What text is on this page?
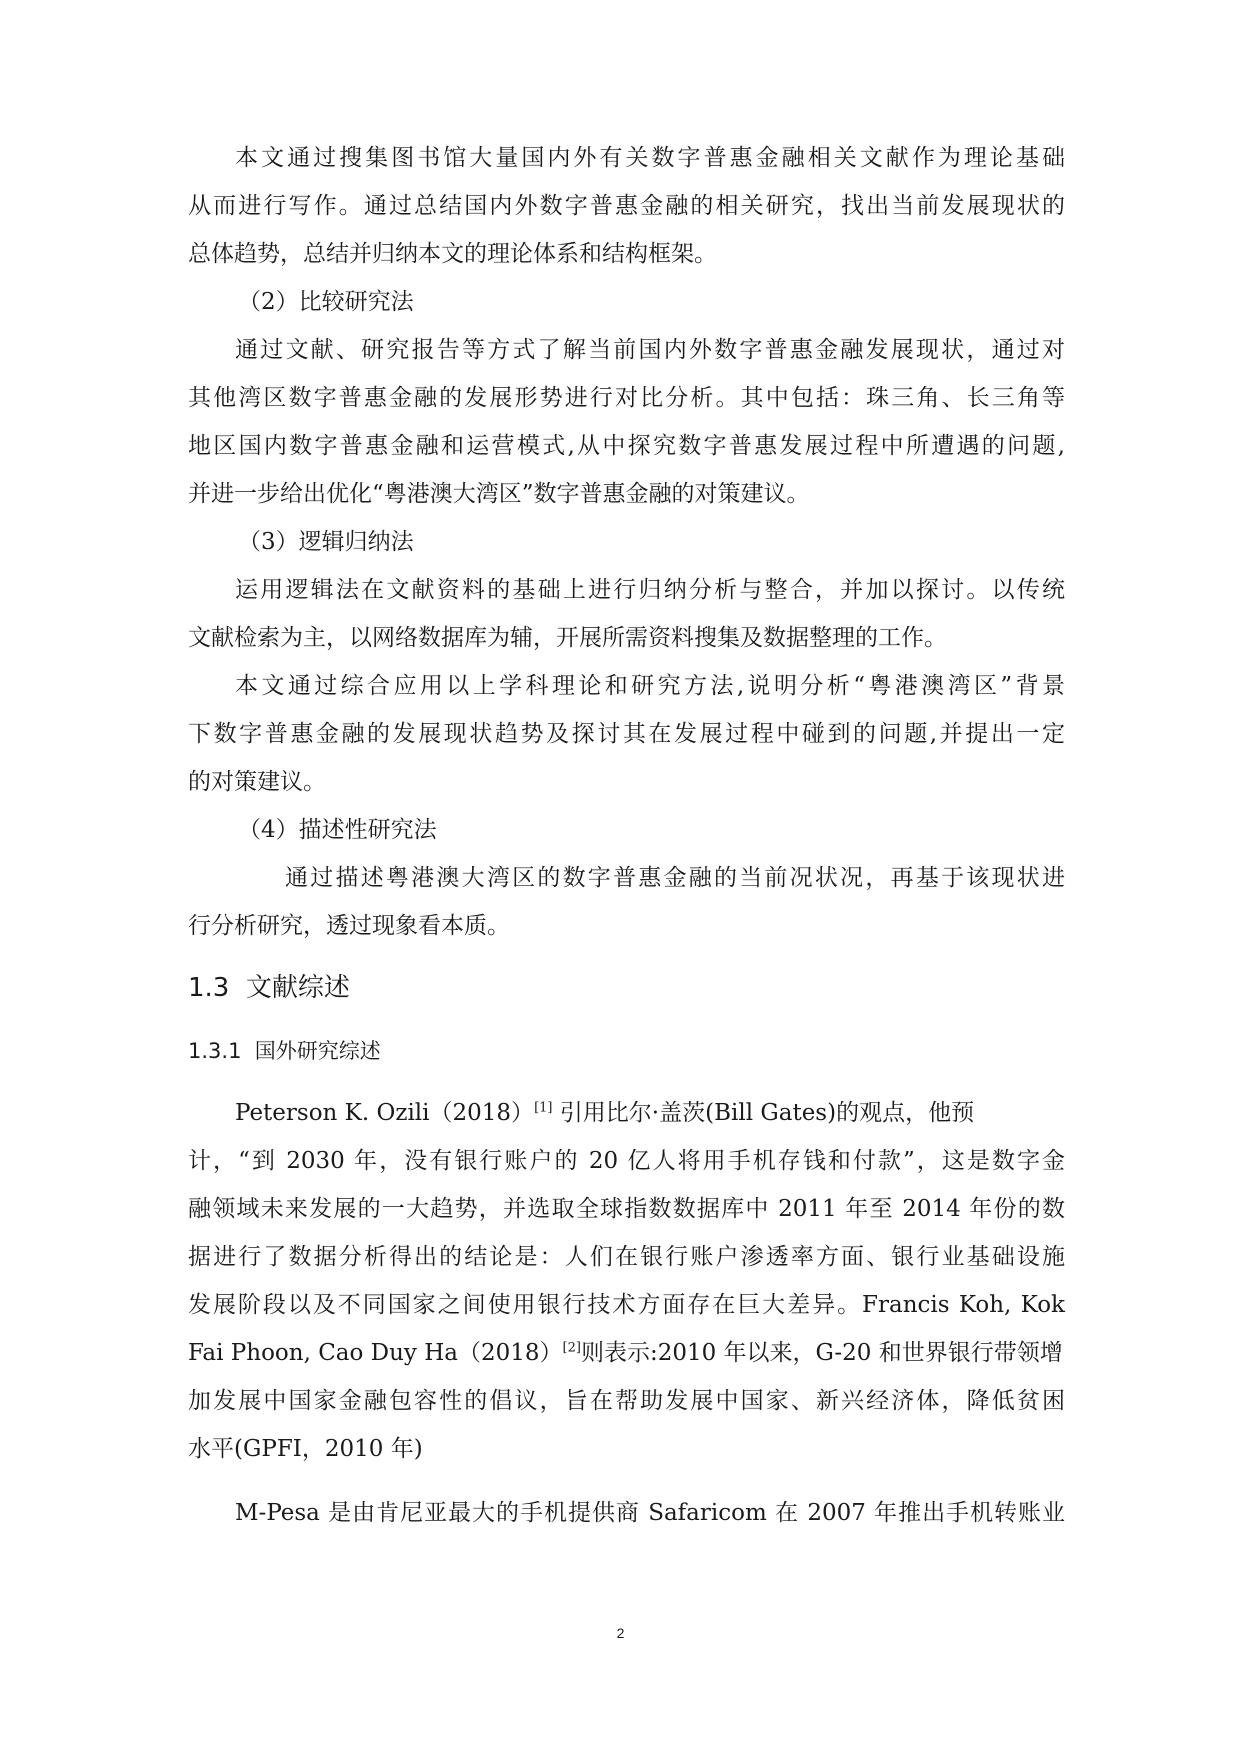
本文通过搜集图书馆大量国内外有关数字普惠金融相关文献作为理论基础
从而进行写作。通过总结国内外数字普惠金融的相关研究，找出当前发展现状的
总体趋势，总结并归纳本文的理论体系和结构框架。
（2）比较研究法
通过文献、研究报告等方式了解当前国内外数字普惠金融发展现状，通过对
其他湾区数字普惠金融的发展形势进行对比分析。其中包括：珠三角、长三角等
地区国内数字普惠金融和运营模式,从中探究数字普惠发展过程中所遭遇的问题,
并进一步给出优化“粤港澳大湾区”数字普惠金融的对策建议。
（3）逻辑归纳法
运用逻辑法在文献资料的基础上进行归纳分析与整合，并加以探讨。以传统
文献检索为主，以网络数据库为辅，开展所需资料搜集及数据整理的工作。
本文通过综合应用以上学科理论和研究方法,说明分析“粤港澳湾区”背景
下数字普惠金融的发展现状趋势及探讨其在发展过程中碰到的问题,并提出一定
的对策建议。
（4）描述性研究法
通过描述粤港澳大湾区的数字普惠金融的当前况状况，再基于该现状进
行分析研究，透过现象看本质。
1.3  文献综述
1.3.1  国外研究综述
Peterson K. Ozili（2018）[1] 引用比尔·盖茨(Bill Gates)的观点，他预
计，“到 2030 年，没有银行账户的 20 亿人将用手机存钱和付款”，这是数字金
融领域未来发展的一大趋势，并选取全球指数数据库中 2011 年至 2014 年份的数
据进行了数据分析得出的结论是：人们在银行账户渗透率方面、银行业基础设施
发展阶段以及不同国家之间使用银行技术方面存在巨大差异。Francis Koh, Kok
Fai Phoon, Cao Duy Ha（2018）[2]则表示:2010 年以来，G-20 和世界银行带领增
加发展中国家金融包容性的倡议，旨在帮助发展中国家、新兴经济体，降低贫困
水平(GPFI，2010 年)
M-Pesa 是由肯尼亚最大的手机提供商 Safaricom 在 2007 年推出手机转账业
2
